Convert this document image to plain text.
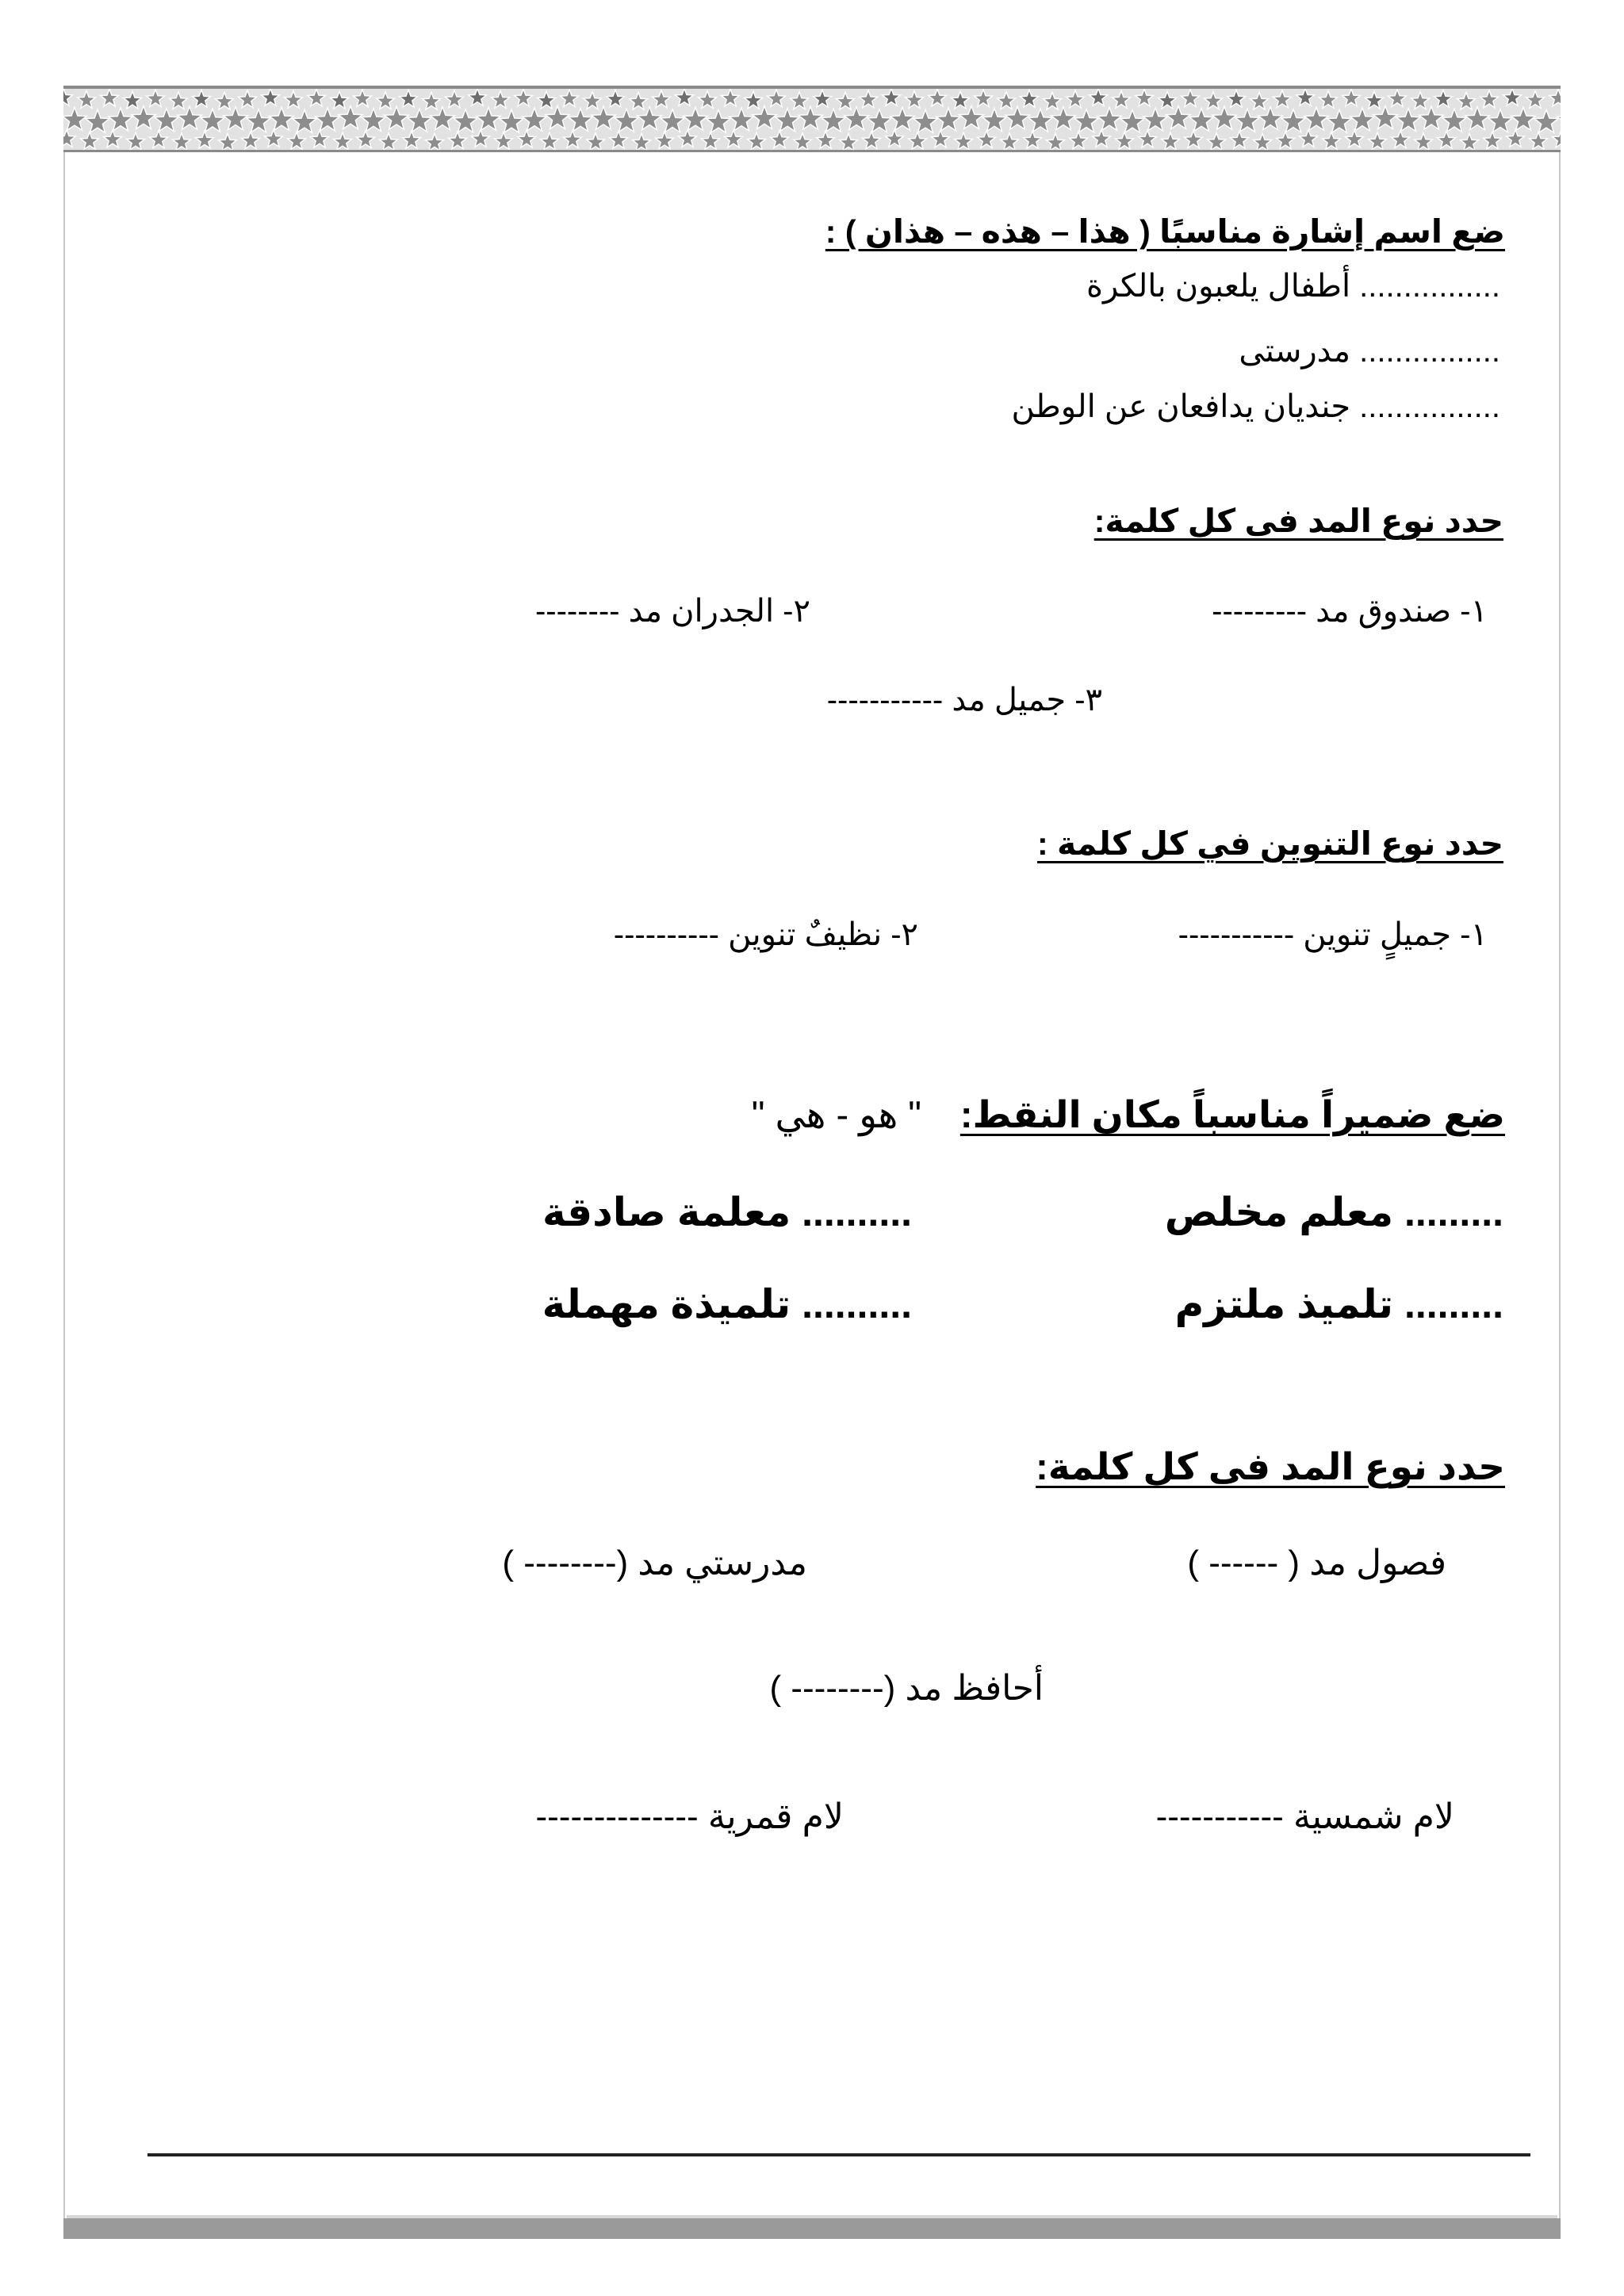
ضع اسم إشارة مناسبًا ( هذا – هذه – هذان ) :
................ أطفال يلعبون بالكرة
................ مدرستى
................ جنديان يدافعان عن الوطن
حدد نوع المد فى كل كلمة:
١- صندوق مد ---------
٢- الجدران مد --------
٣- جميل مد -----------
حدد نوع التنوين في كل كلمة :
١- جميلٍ تنوين -----------
٢- نظيفٌ تنوين ----------
ضع ضميراً مناسباً مكان النقط:
" هو - هي "
......... معلم مخلص
.......... معلمة صادقة
......... تلميذ ملتزم
.......... تلميذة مهملة
حدد نوع المد فى كل كلمة:
فصول مد ( ------ )
مدرستي مد (-------- )
أحافظ مد (-------- )
لام شمسية -----------
لام قمرية --------------
